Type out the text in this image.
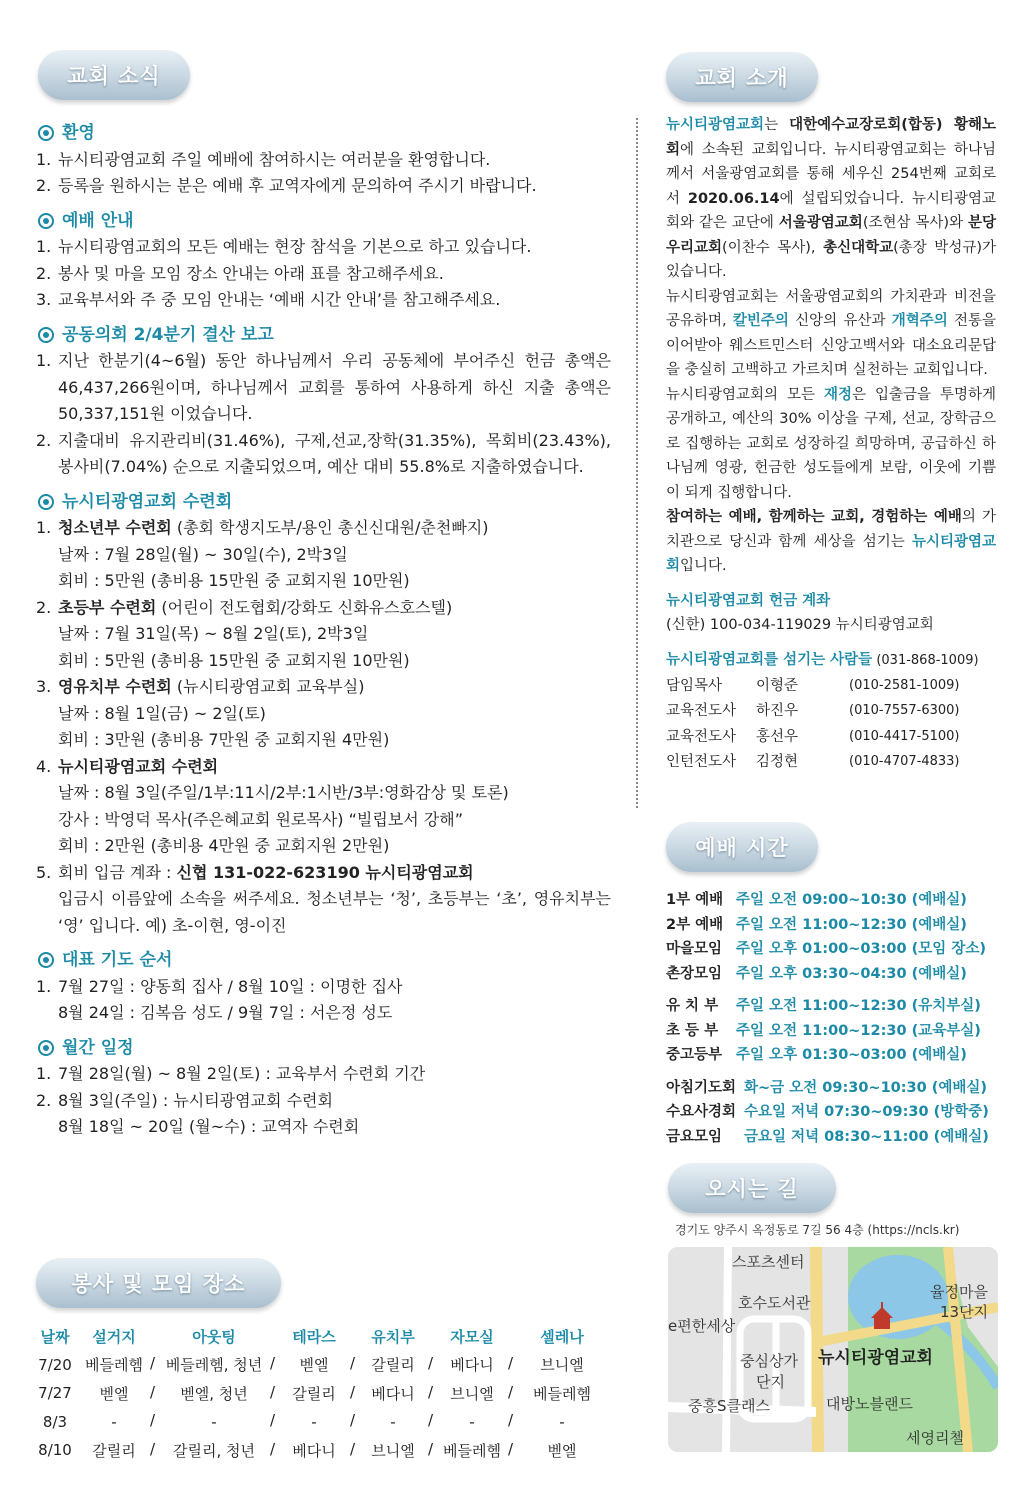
교회 소식	교회 소개
예배 시간
오시는 길
봉사 및 모임 장소
환영
1. 뉴시티광염교회 주일 예배에 참여하시는 여러분을 환영합니다.
2. 등록을 원하시는 분은 예배 후 교역자에게 문의하여 주시기 바랍니다.
예배 안내
1. 뉴시티광염교회의 모든 예배는 현장 참석을 기본으로 하고 있습니다.
2. 봉사 및 마을 모임 장소 안내는 아래 표를 참고해주세요.
3. 교육부서와 주 중 모임 안내는 ‘예배 시간 안내’를 참고해주세요.
공동의회 2/4분기 결산 보고
1. 지난 한분기(4~6월) 동안 하나님께서 우리 공동체에 부어주신 헌금 총액은 46,437,266원이며, 하나님께서 교회를 통하여 사용하게 하신 지출 총액은 50,337,151원 이었습니다.
2. 지출대비 유지관리비(31.46%), 구제,선교,장학(31.35%), 목회비(23.43%), 봉사비(7.04%) 순으로 지출되었으며, 예산 대비 55.8%로 지출하였습니다.
뉴시티광염교회 수련회
1. 청소년부 수련회 (총회 학생지도부/용인 총신신대원/춘천빠지)
날짜 : 7월 28일(월) ~ 30일(수), 2박3일
회비 : 5만원 (총비용 15만원 중 교회지원 10만원)
2. 초등부 수련회 (어린이 전도협회/강화도 신화유스호스텔)
날짜 : 7월 31일(목) ~ 8월 2일(토), 2박3일
회비 : 5만원 (총비용 15만원 중 교회지원 10만원)
3. 영유치부 수련회 (뉴시티광염교회 교육부실)
날짜 : 8월 1일(금) ~ 2일(토)
회비 : 3만원 (총비용 7만원 중 교회지원 4만원)
4. 뉴시티광염교회 수련회
날짜 : 8월 3일(주일/1부:11시/2부:1시반/3부:영화감상 및 토론)
강사 : 박영덕 목사(주은혜교회 원로목사) “빌립보서 강해”
회비 : 2만원 (총비용 4만원 중 교회지원 2만원)
5. 회비 입금 계좌 : 신협 131-022-623190 뉴시티광염교회
입금시 이름앞에 소속을 써주세요. 청소년부는 ‘청’, 초등부는 ‘초’, 영유치부는 ‘영’ 입니다. 예) 초-이현, 영-이진
대표 기도 순서
1. 7월 27일 : 양동희 집사 / 8월 10일 : 이명한 집사
8월 24일 : 김복음 성도 / 9월 7일 : 서은정 성도
월간 일정
1. 7월 28일(월) ~ 8월 2일(토) : 교육부서 수련회 기간
2. 8월 3일(주일) : 뉴시티광염교회 수련회
8월 18일 ~ 20일 (월~수) : 교역자 수련회
뉴시티광염교회는 대한예수교장로회(합동) 황해노회에 소속된 교회입니다. 뉴시티광염교회는 하나님께서 서울광염교회를 통해 세우신 254번째 교회로서 2020.06.14에 설립되었습니다. 뉴시티광염교회와 같은 교단에 서울광염교회(조현삼 목사)와 분당우리교회(이찬수 목사), 총신대학교(총장 박성규)가 있습니다.
뉴시티광염교회는 서울광염교회의 가치관과 비전을 공유하며, 칼빈주의 신앙의 유산과 개혁주의 전통을 이어받아 웨스트민스터 신앙고백서와 대소요리문답을 충실히 고백하고 가르치며 실천하는 교회입니다.
뉴시티광염교회의 모든 재정은 입출금을 투명하게 공개하고, 예산의 30% 이상을 구제, 선교, 장학금으로 집행하는 교회로 성장하길 희망하며, 공급하신 하나님께 영광, 헌금한 성도들에게 보람, 이웃에 기쁨이 되게 집행합니다.
참여하는 예배, 함께하는 교회, 경험하는 예배의 가치관으로 당신과 함께 세상을 섬기는 뉴시티광염교회입니다.
뉴시티광염교회 헌금 계좌
(신한) 100-034-119029 뉴시티광염교회
뉴시티광염교회를 섬기는 사람들 (031-868-1009)
담임목사	이형준	(010-2581-1009)
교육전도사	하진우	(010-7557-6300)
교육전도사	홍선우	(010-4417-5100)
인턴전도사	김정현	(010-4707-4833)
1부 예배 주일 오전 09:00~10:30 (예배실)
2부 예배 주일 오전 11:00~12:30 (예배실)
마을모임 주일 오후 01:00~03:00 (모임 장소)
촌장모임 주일 오후 03:30~04:30 (예배실)
유 치 부	주일 오전 11:00~12:30 (유치부실)
초 등 부	주일 오전 11:00~12:30 (교육부실)
중고등부 주일 오후 01:30~03:00 (예배실)
아침기도회 화~금 오전 09:30~10:30 (예배실)
수요사경회 수요일 저녁 07:30~09:30 (방학중)
금요모임	금요일 저녁 08:30~11:00 (예배실)
경기도 양주시 옥정동로 7길 56 4층 (https://ncls.kr)
스포츠센터
호수도서관
e편한세상
중심상가
단지
뉴시티광염교회
율정마을
13단지
대방노블랜드
중흥S클래스
세영리첼
날짜	설거지	아웃팅	테라스	유치부	자모실	셀레나
7/20 베들레헴	베들레헴, 청년	벧엘	갈릴리	베다니	브니엘
7/27	벧엘	벧엘, 청년	갈릴리	베다니	브니엘	베들레헴
8/3	-	-	-	-	-	-
8/10	갈릴리	갈릴리, 청년	베다니	브니엘	베들레헴	벧엘
/	/	/	/	/
/	/	/	/	/
/	/	/	/	/
/	/	/	/	/
